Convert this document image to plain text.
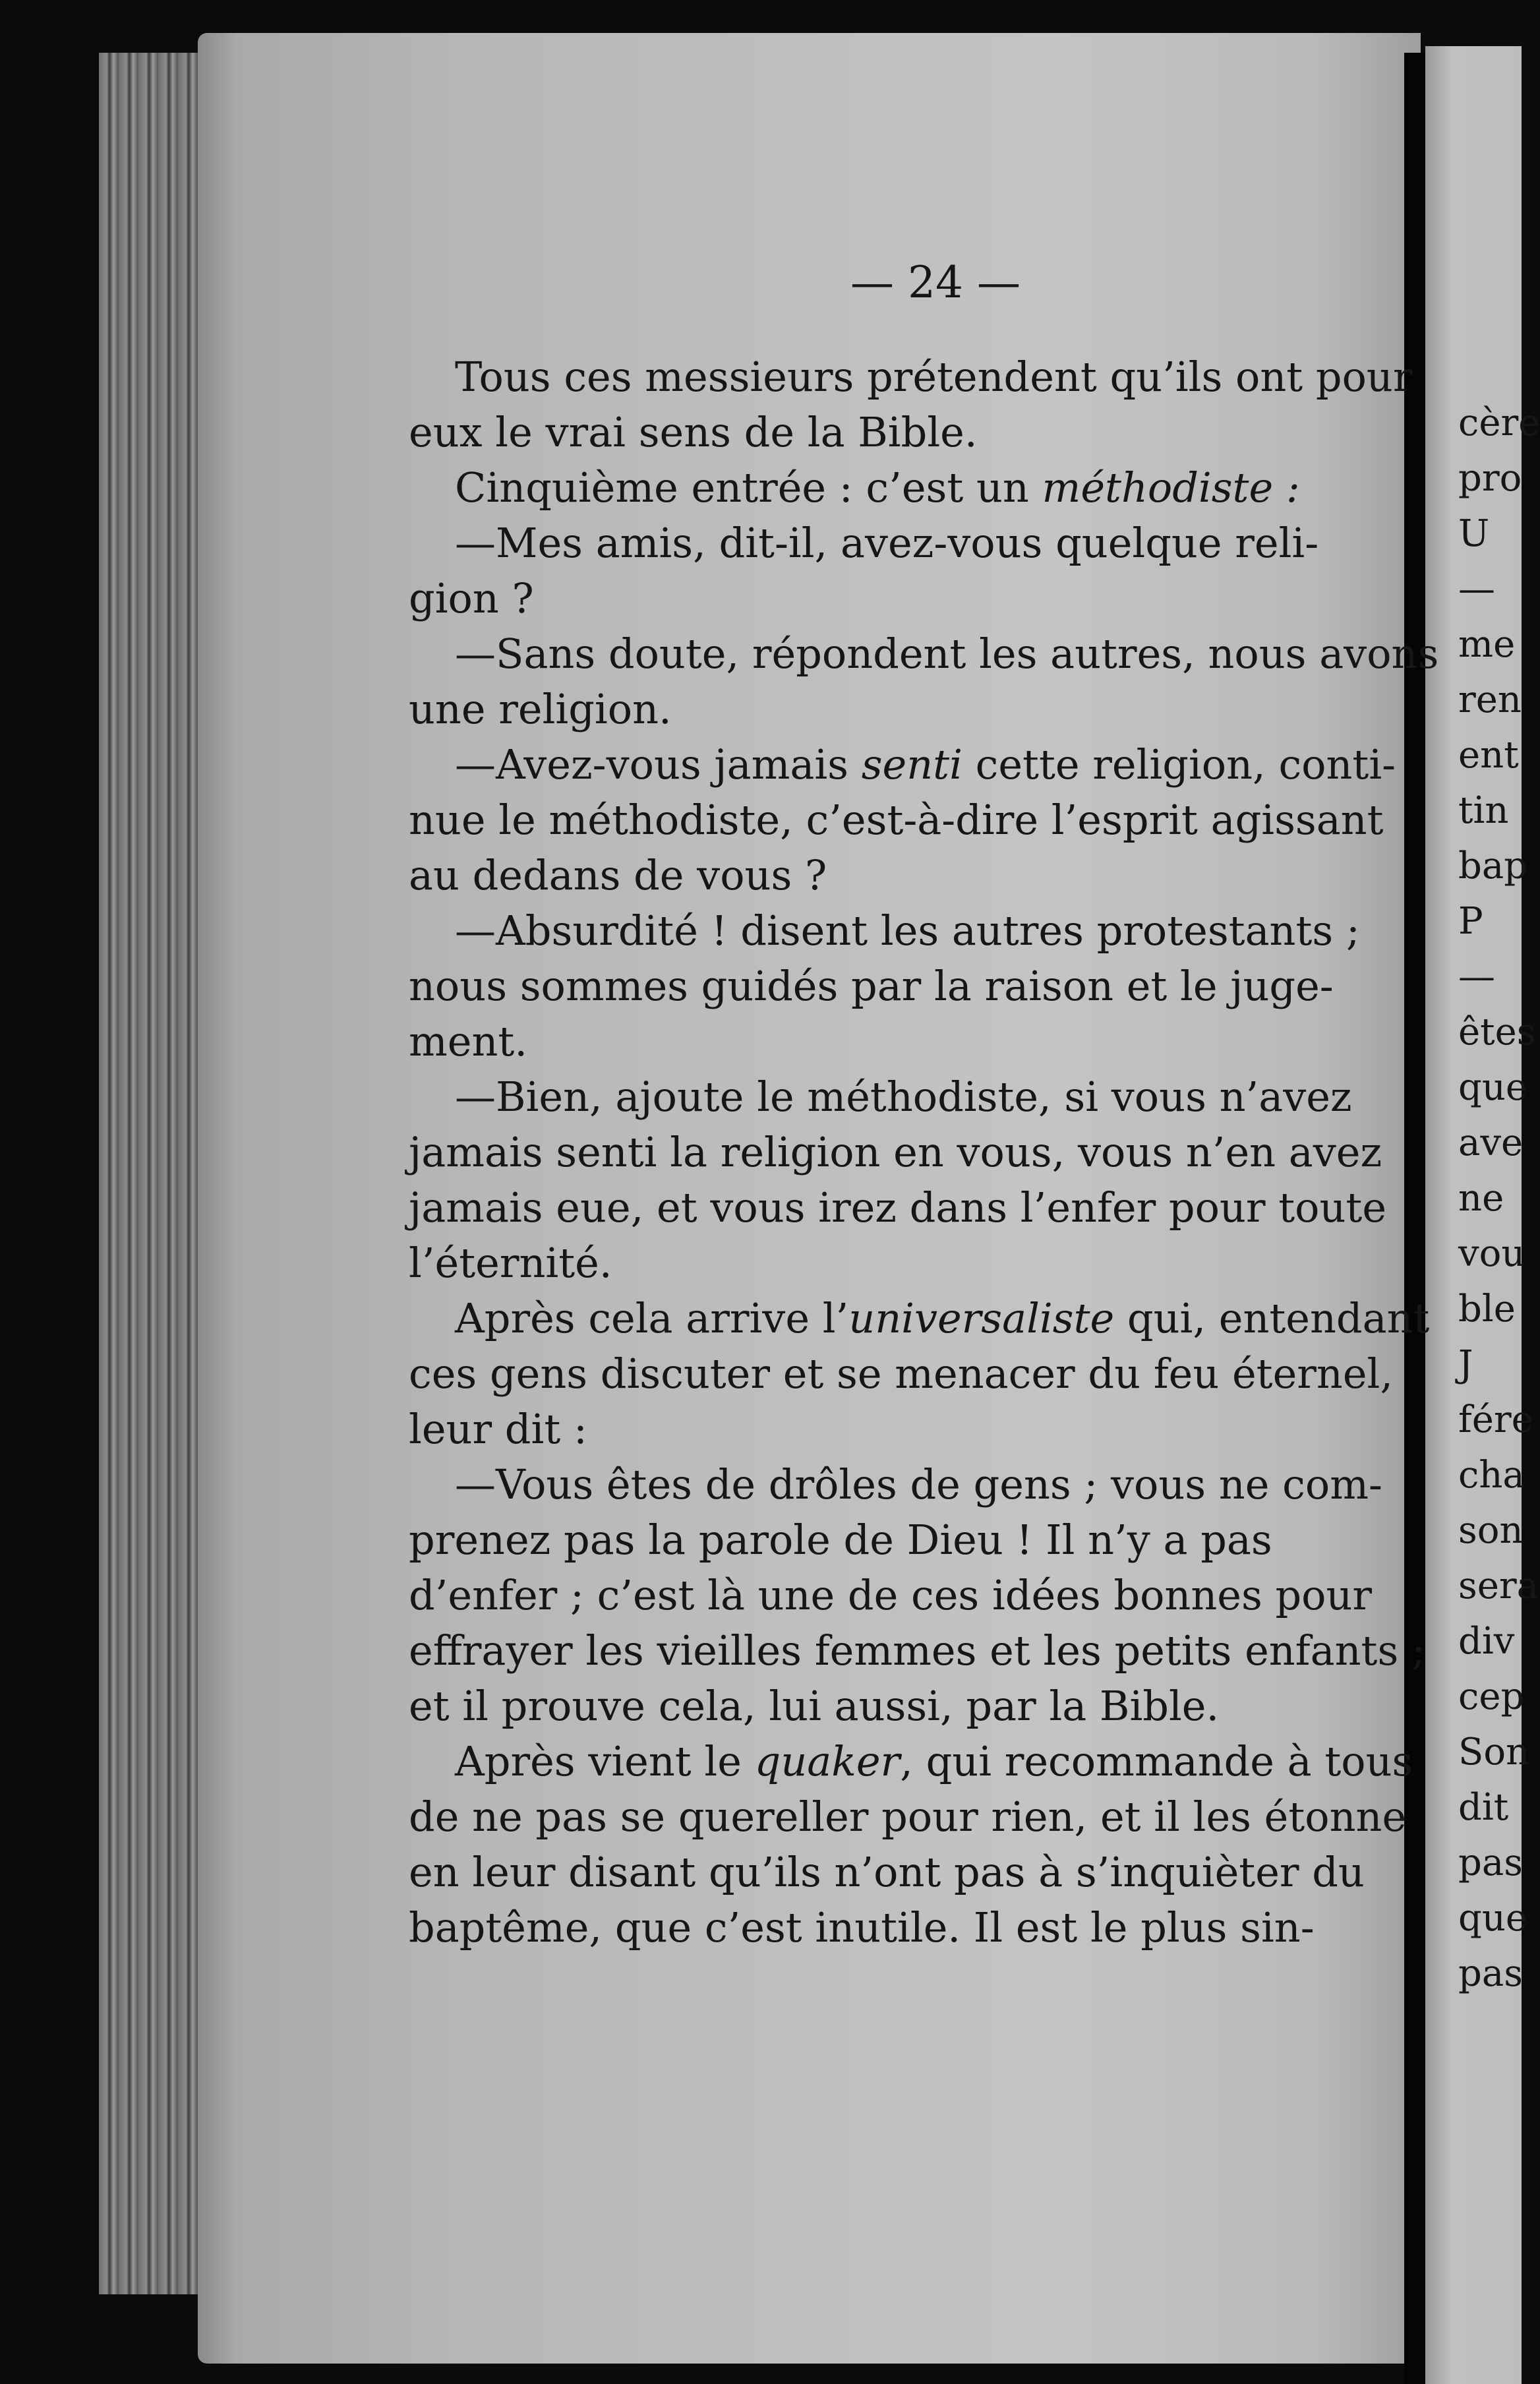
— 24 —
Tous ces messieurs prétendent qu’ils ont pour
eux le vrai sens de la Bible.
Cinquième entrée : c’est un méthodiste :
—Mes amis, dit-il, avez-vous quelque reli-
gion ?
—Sans doute, répondent les autres, nous avons
une religion.
—Avez-vous jamais senti cette religion, conti-
nue le méthodiste, c’est-à-dire l’esprit agissant
au dedans de vous ?
—Absurdité ! disent les autres protestants ;
nous sommes guidés par la raison et le juge-
ment.
—Bien, ajoute le méthodiste, si vous n’avez
jamais senti la religion en vous, vous n’en avez
jamais eue, et vous irez dans l’enfer pour toute
l’éternité.
Après cela arrive l’universaliste qui, entendant
ces gens discuter et se menacer du feu éternel,
leur dit :
—Vous êtes de drôles de gens ; vous ne com-
prenez pas la parole de Dieu ! Il n’y a pas
d’enfer ; c’est là une de ces idées bonnes pour
effrayer les vieilles femmes et les petits enfants ;
et il prouve cela, lui aussi, par la Bible.
Après vient le quaker, qui recommande à tous
de ne pas se quereller pour rien, et il les étonne
en leur disant qu’ils n’ont pas à s’inquièter du
baptême, que c’est inutile. Il est le plus sin-
cère
pro
U
—
me
ren
ent
tin
bap
P
—
êtes
que
ave
ne
vou
ble
J
fére
cha
son
sera
div
cep
Son
dit
pas
que
pas
